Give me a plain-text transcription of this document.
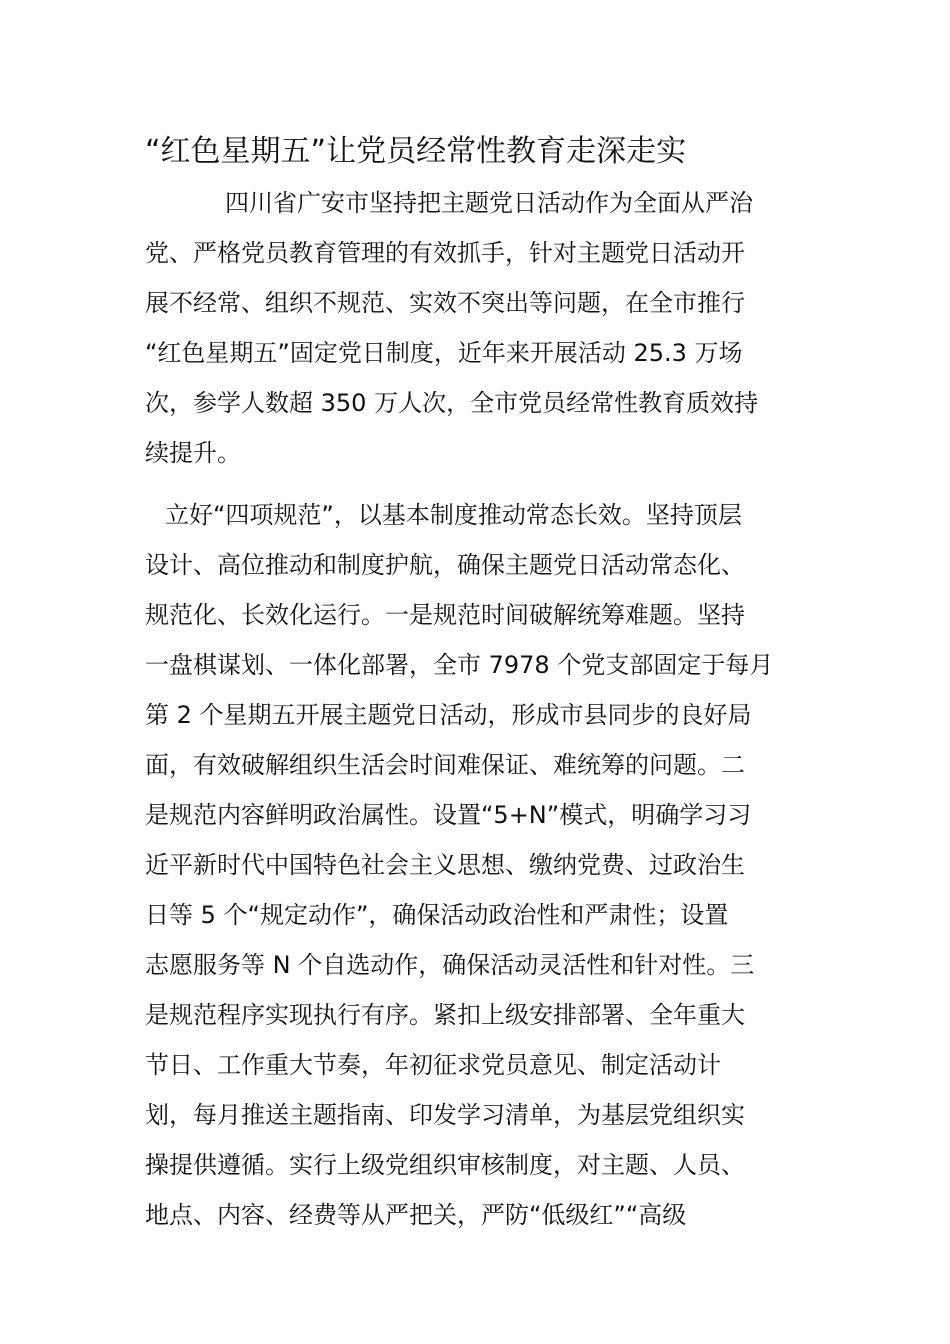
“红色星期五”让党员经常性教育走深走实
四川省广安市坚持把主题党日活动作为全面从严治
党、严格党员教育管理的有效抓手，针对主题党日活动开
展不经常、组织不规范、实效不突出等问题，在全市推行
“红色星期五”固定党日制度，近年来开展活动 25.3 万场
次，参学人数超 350 万人次，全市党员经常性教育质效持
续提升。
立好“四项规范”，以基本制度推动常态长效。坚持顶层
设计、高位推动和制度护航，确保主题党日活动常态化、
规范化、长效化运行。一是规范时间破解统筹难题。坚持
一盘棋谋划、一体化部署，全市 7978 个党支部固定于每月
第 2 个星期五开展主题党日活动，形成市县同步的良好局
面，有效破解组织生活会时间难保证、难统筹的问题。二
是规范内容鲜明政治属性。设置“5+N”模式，明确学习习
近平新时代中国特色社会主义思想、缴纳党费、过政治生
日等 5 个“规定动作”，确保活动政治性和严肃性；设置
志愿服务等 N 个自选动作，确保活动灵活性和针对性。三
是规范程序实现执行有序。紧扣上级安排部署、全年重大
节日、工作重大节奏，年初征求党员意见、制定活动计
划，每月推送主题指南、印发学习清单，为基层党组织实
操提供遵循。实行上级党组织审核制度，对主题、人员、
地点、内容、经费等从严把关，严防“低级红”“高级
